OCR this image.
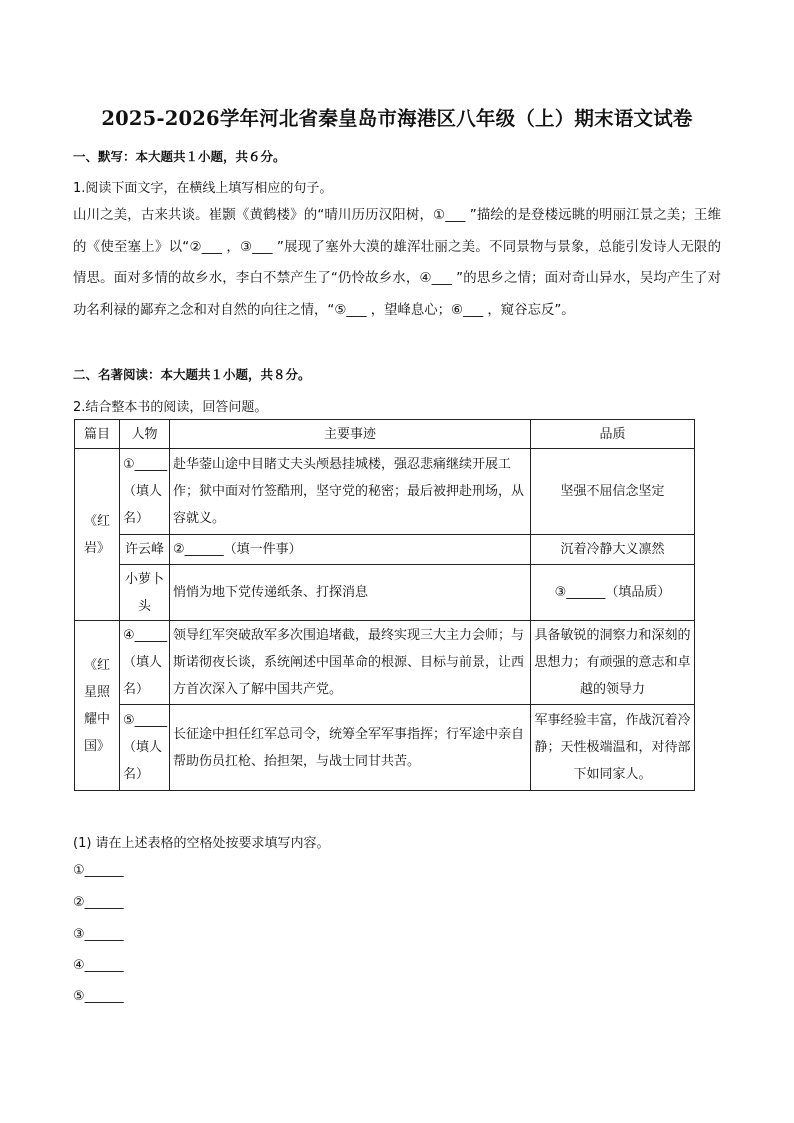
2025-2026学年河北省秦皇岛市海港区八年级（上）期末语文试卷
一、默写：本大题共１小题，共６分。
1.阅读下面文字，在横线上填写相应的句子。

山川之美，古来共谈。崔颢《黄鹤楼》的“晴川历历汉阳树，①___ ”描绘的是登楼远眺的明丽江景之美；王维的《使至塞上》以“②___ ，③___ ”展现了塞外大漠的雄浑壮丽之美。不同景物与景象，总能引发诗人无限的情思。面对多情的故乡水，李白不禁产生了“仍怜故乡水，④___ ”的思乡之情；面对奇山异水，吴均产生了对功名利禄的鄙弃之念和对自然的向往之情，“⑤___ ，望峰息心；⑥___ ，窥谷忘反”。

二、名著阅读：本大题共１小题，共８分。
2.结合整本书的阅读，回答问题。
篇目	人物	主要事迹	品质
《红岩》	①_____（填人名）	赴华蓥山途中目睹丈夫头颅悬挂城楼，强忍悲痛继续开展工作；狱中面对竹签酷刑，坚守党的秘密；最后被押赴刑场，从容就义。	坚强不屈信念坚定
	许云峰	②______（填一件事）	沉着冷静大义凛然
	小萝卜头	悄悄为地下党传递纸条、打探消息	③______（填品质）
《红星照耀中国》	④_____（填人名）	领导红军突破敌军多次围追堵截，最终实现三大主力会师；与斯诺彻夜长谈，系统阐述中国革命的根源、目标与前景，让西方首次深入了解中国共产党。	具备敏锐的洞察力和深刻的思想力；有顽强的意志和卓越的领导力
	⑤_____（填人名）	长征途中担任红军总司令，统筹全军军事指挥；行军途中亲自帮助伤员扛枪、抬担架，与战士同甘共苦。	军事经验丰富，作战沉着冷静；天性极端温和，对待部下如同家人。
(1) 请在上述表格的空格处按要求填写内容。
①______
②______
③______
④______
⑤______
